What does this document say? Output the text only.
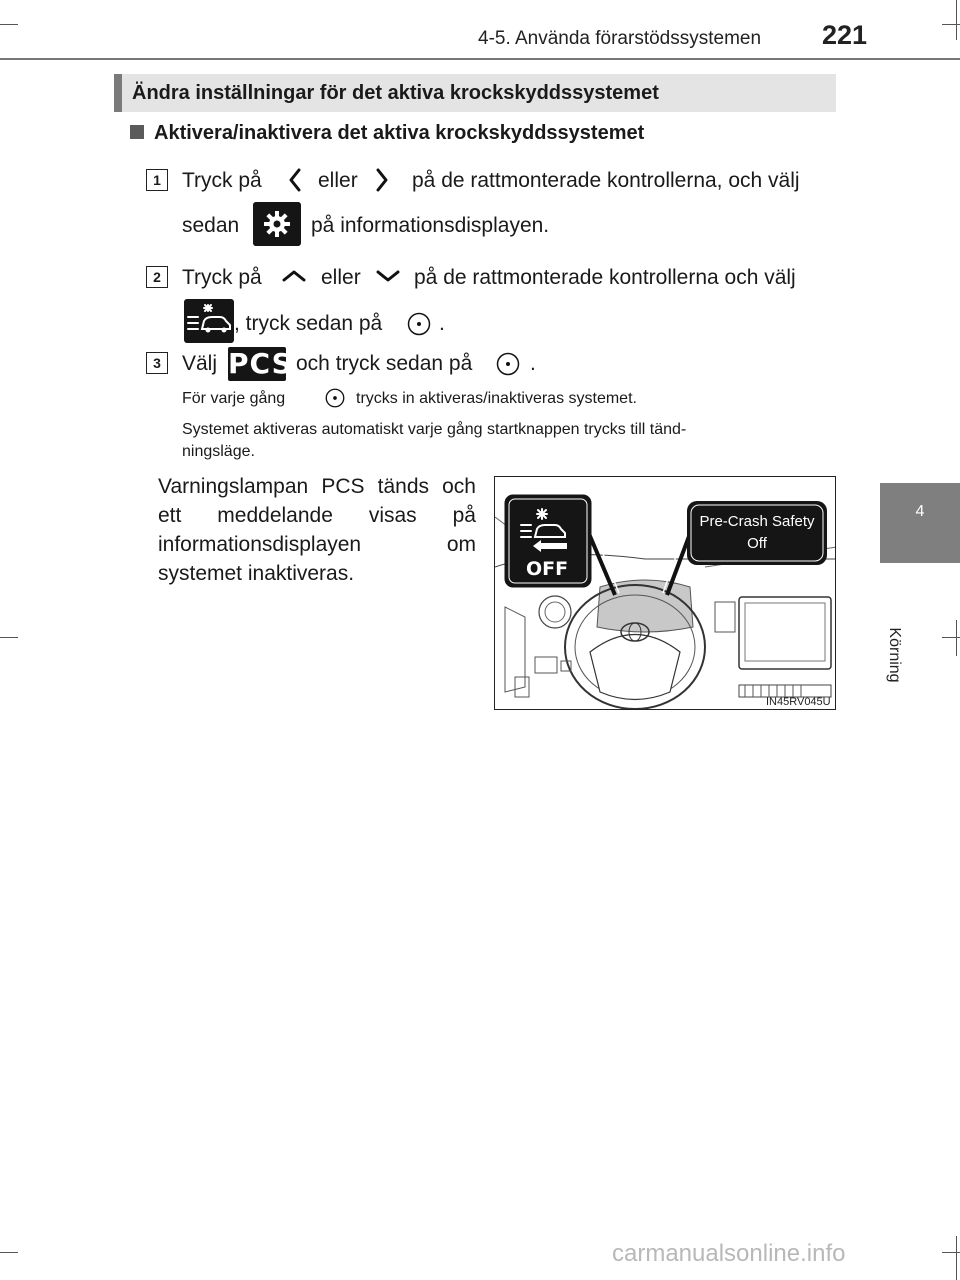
4-5. Använda förarstödssystemen 221
4
Körning
Ändra inställningar för det aktiva krockskyddssystemet
Aktivera/inaktivera det aktiva krockskyddssystemet
1	Tryck på	eller	på de rattmonterade kontrollerna, och välj
sedan	på informationsdisplayen.
2	Tryck på	eller	på de rattmonterade kontrollerna och välj
, tryck sedan på	.
3	Välj PCS och tryck sedan på	.
För varje gång	trycks in aktiveras/inaktiveras systemet.
Systemet aktiveras automatiskt varje gång startknappen trycks till tänd-
ningsläge.
Varningslampan PCS tänds och ett meddelande visas på informationsdisplayen om systemet inaktiveras.	OFF
Pre-Crash Safety
Off
IN45RV045U
carmanualsonline.info
